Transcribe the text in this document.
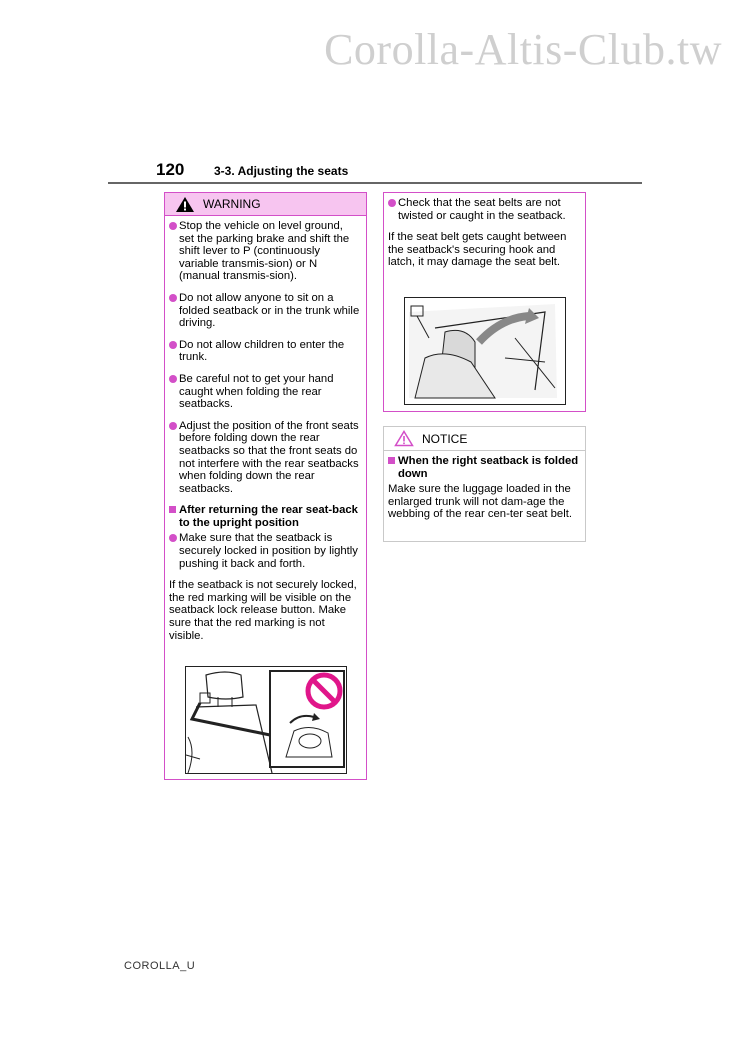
Corolla-Altis-Club.tw
120 3-3. Adjusting the seats
WARNING
Stop the vehicle on level ground, set the parking brake and shift the shift lever to P (continuously variable transmis-sion) or N (manual transmis-sion).
Do not allow anyone to sit on a folded seatback or in the trunk while driving.
Do not allow children to enter the trunk.
Be careful not to get your hand caught when folding the rear seatbacks.
Adjust the position of the front seats before folding down the rear seatbacks so that the front seats do not interfere with the rear seatbacks when folding down the rear seatbacks.
After returning the rear seat-back to the upright position
Make sure that the seatback is securely locked in position by lightly pushing it back and forth.
If the seatback is not securely locked, the red marking will be visible on the seatback lock release button. Make sure that the red marking is not visible.
Check that the seat belts are not twisted or caught in the seatback.
If the seat belt gets caught between the seatback's securing hook and latch, it may damage the seat belt.
NOTICE
When the right seatback is folded down
Make sure the luggage loaded in the enlarged trunk will not dam-age the webbing of the rear cen-ter seat belt.
COROLLA_U
